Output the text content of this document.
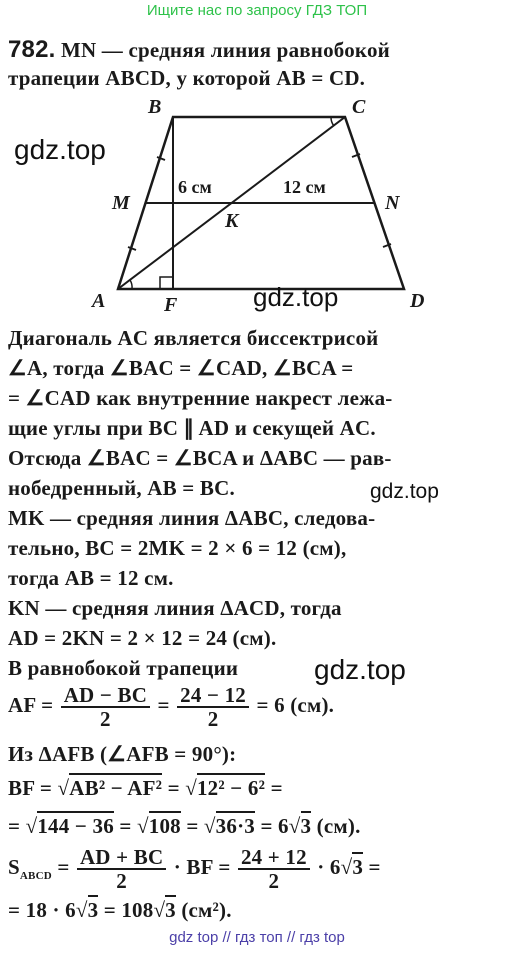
Ищите нас по запросу ГДЗ ТОП
782. MN — средняя линия равнобокой
трапеции ABCD, у которой AB = CD.
B	C
M	N
K
A	F	D
6 см	12 см
gdz.top
gdz.top
Диагональ AC является биссектрисой
∠A, тогда ∠BAC = ∠CAD, ∠BCA =
= ∠CAD как внутренние накрест лежа-
щие углы при BC ∥ AD и секущей AC.
Отсюда ∠BAC = ∠BCA и ΔABC — рав-
нобедренный, AB = BC.	gdz.top
MK — средняя линия ΔABC, следова-
тельно, BC = 2MK = 2 × 6 = 12 (см),
тогда AB = 12 см.
KN — средняя линия ΔACD, тогда
AD = 2KN = 2 × 12 = 24 (см).
В равнобокой трапеции	gdz.top
AF = $\frac{AD - BC}{2} = \frac{24 - 12}{2} = 6$ (см).
Из ΔAFB (∠AFB = 90°):
BF = √AB² − AF² = √12² − 6² =
= √144 − 36 = √108 = √36·3 = 6√3 (см).
$S_{ABCD} = \frac{AD + BC}{2}$ · BF = $\frac{24 + 12}{2} \cdot 6√3$ =
= 18 · 6√3 = 108√3 (см²).
gdz top // гдз топ // гдз top
